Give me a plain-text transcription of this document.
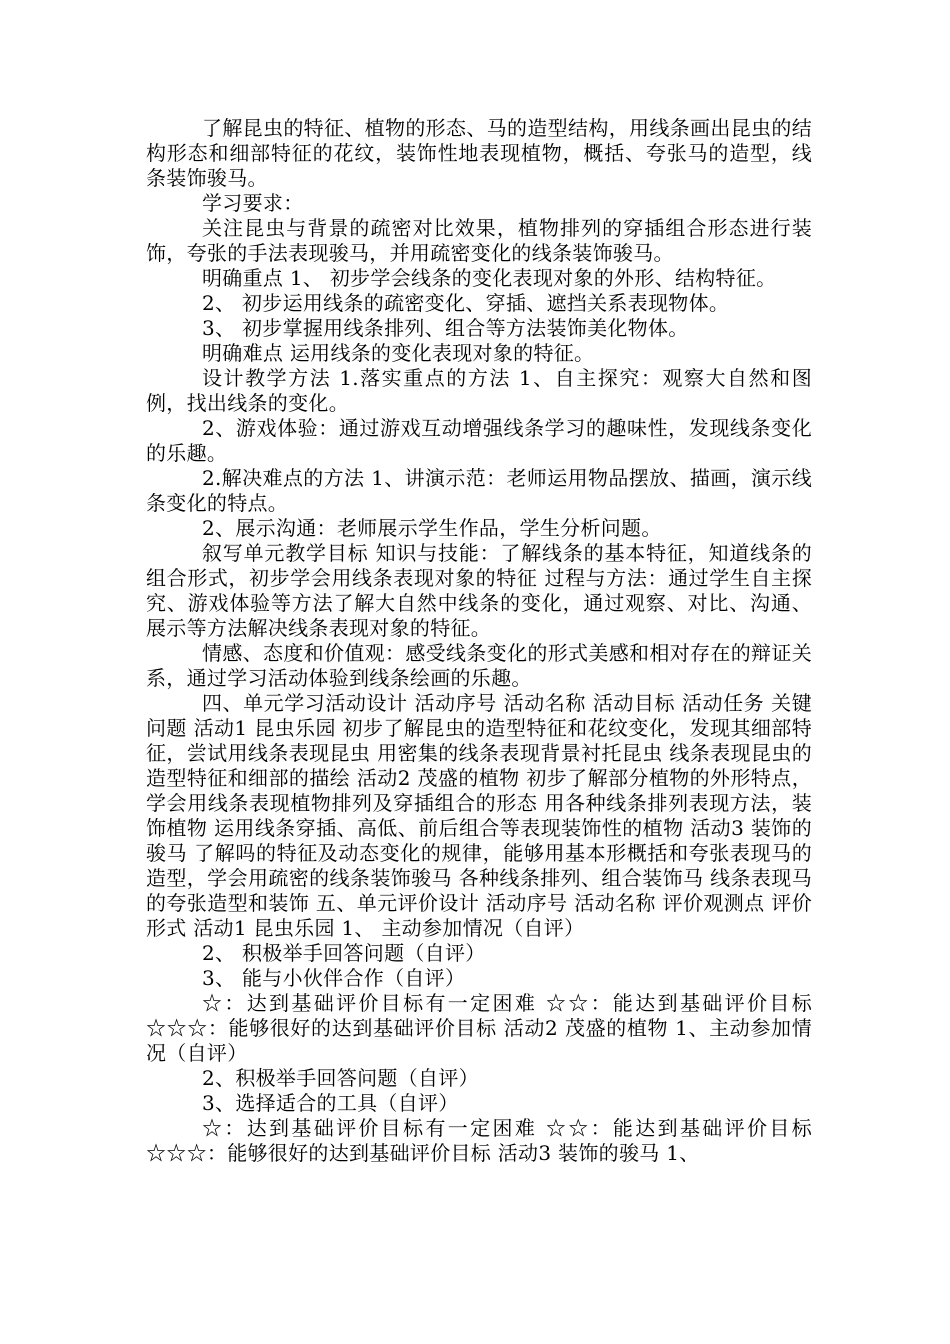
了解昆虫的特征、植物的形态、马的造型结构，用线条画出昆虫的结构形态和细部特征的花纹，装饰性地表现植物，概括、夸张马的造型，线条装饰骏马。

学习要求：

关注昆虫与背景的疏密对比效果，植物排列的穿插组合形态进行装饰，夸张的手法表现骏马，并用疏密变化的线条装饰骏马。

明确重点 1、 初步学会线条的变化表现对象的外形、结构特征。

2、 初步运用线条的疏密变化、穿插、遮挡关系表现物体。

3、 初步掌握用线条排列、组合等方法装饰美化物体。

明确难点 运用线条的变化表现对象的特征。

设计教学方法 1.落实重点的方法 1、自主探究：观察大自然和图例，找出线条的变化。

2、游戏体验：通过游戏互动增强线条学习的趣味性，发现线条变化的乐趣。

2.解决难点的方法 1、讲演示范：老师运用物品摆放、描画，演示线条变化的特点。

2、展示沟通：老师展示学生作品，学生分析问题。

叙写单元教学目标 知识与技能：了解线条的基本特征，知道线条的组合形式，初步学会用线条表现对象的特征 过程与方法：通过学生自主探究、游戏体验等方法了解大自然中线条的变化，通过观察、对比、沟通、展示等方法解决线条表现对象的特征。

情感、态度和价值观：感受线条变化的形式美感和相对存在的辩证关系，通过学习活动体验到线条绘画的乐趣。

四、单元学习活动设计 活动序号 活动名称 活动目标 活动任务 关键问题 活动1 昆虫乐园 初步了解昆虫的造型特征和花纹变化，发现其细部特征，尝试用线条表现昆虫 用密集的线条表现背景衬托昆虫 线条表现昆虫的造型特征和细部的描绘 活动2 茂盛的植物 初步了解部分植物的外形特点，学会用线条表现植物排列及穿插组合的形态 用各种线条排列表现方法，装饰植物 运用线条穿插、高低、前后组合等表现装饰性的植物 活动3 装饰的骏马 了解吗的特征及动态变化的规律，能够用基本形概括和夸张表现马的造型，学会用疏密的线条装饰骏马 各种线条排列、组合装饰马 线条表现马的夸张造型和装饰 五、单元评价设计 活动序号 活动名称 评价观测点 评价形式 活动1 昆虫乐园 1、 主动参加情况（自评）

2、 积极举手回答问题（自评）

3、 能与小伙伴合作（自评）

☆：达到基础评价目标有一定困难 ☆☆：能达到基础评价目标 ☆☆☆：能够很好的达到基础评价目标 活动2 茂盛的植物 1、主动参加情况（自评）

2、积极举手回答问题（自评）

3、选择适合的工具（自评）

☆：达到基础评价目标有一定困难 ☆☆：能达到基础评价目标 ☆☆☆：能够很好的达到基础评价目标 活动3 装饰的骏马 1、
